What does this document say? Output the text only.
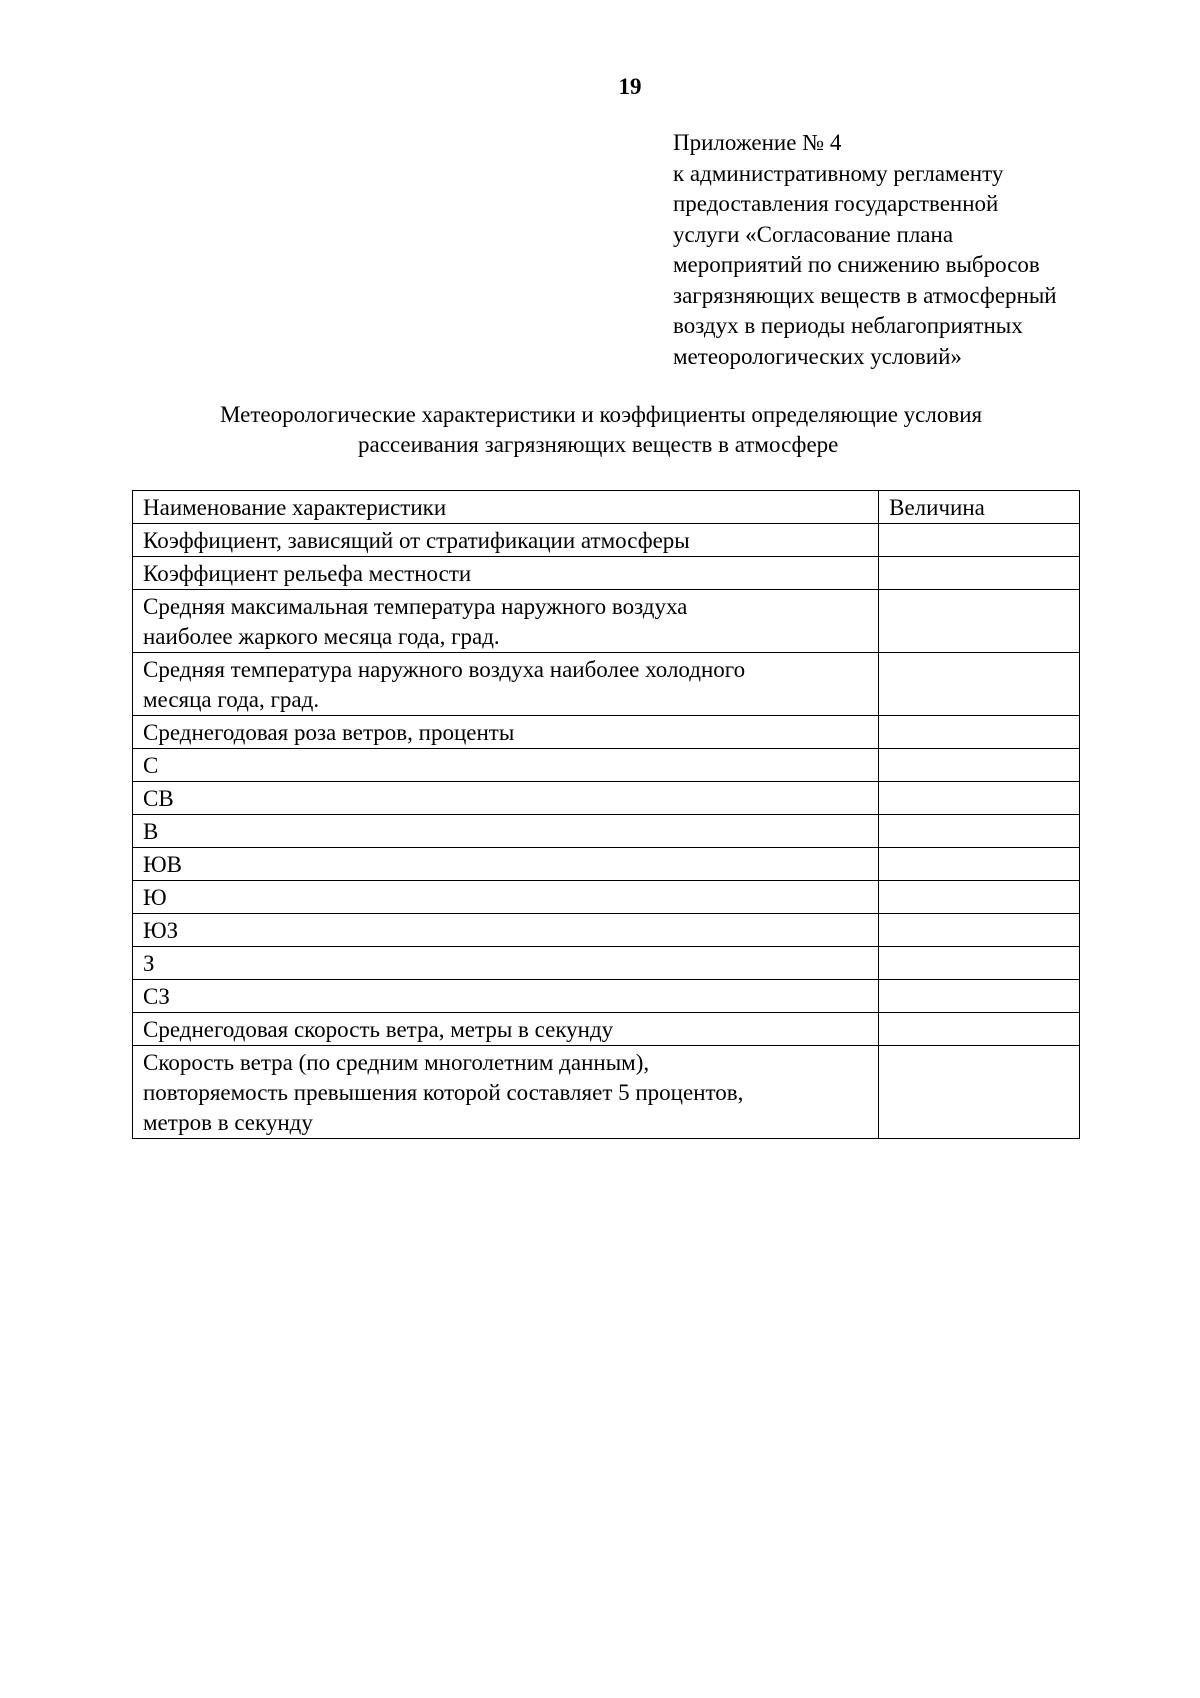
19
Приложение № 4
к административному регламенту
предоставления государственной
услуги «Согласование плана
мероприятий по снижению выбросов
загрязняющих веществ в атмосферный
воздух в периоды неблагоприятных
метеорологических условий»
Метеорологические характеристики и коэффициенты определяющие условия
рассеивания загрязняющих веществ в атмосфере
Наименование характеристики	Величина

Коэффициент, зависящий от стратификации атмосферы	

Коэффициент рельефа местности	

Средняя максимальная температура наружного воздуха
наиболее жаркого месяца года, град.	

Средняя температура наружного воздуха наиболее холодного
месяца года, град.	

Среднегодовая роза ветров, проценты	

С	

СВ	

В	

ЮВ	

Ю	

ЮЗ	

З	

СЗ	

Среднегодовая скорость ветра, метры в секунду	

Скорость ветра (по средним многолетним данным),
повторяемость превышения которой составляет 5 процентов,
метров в секунду	
